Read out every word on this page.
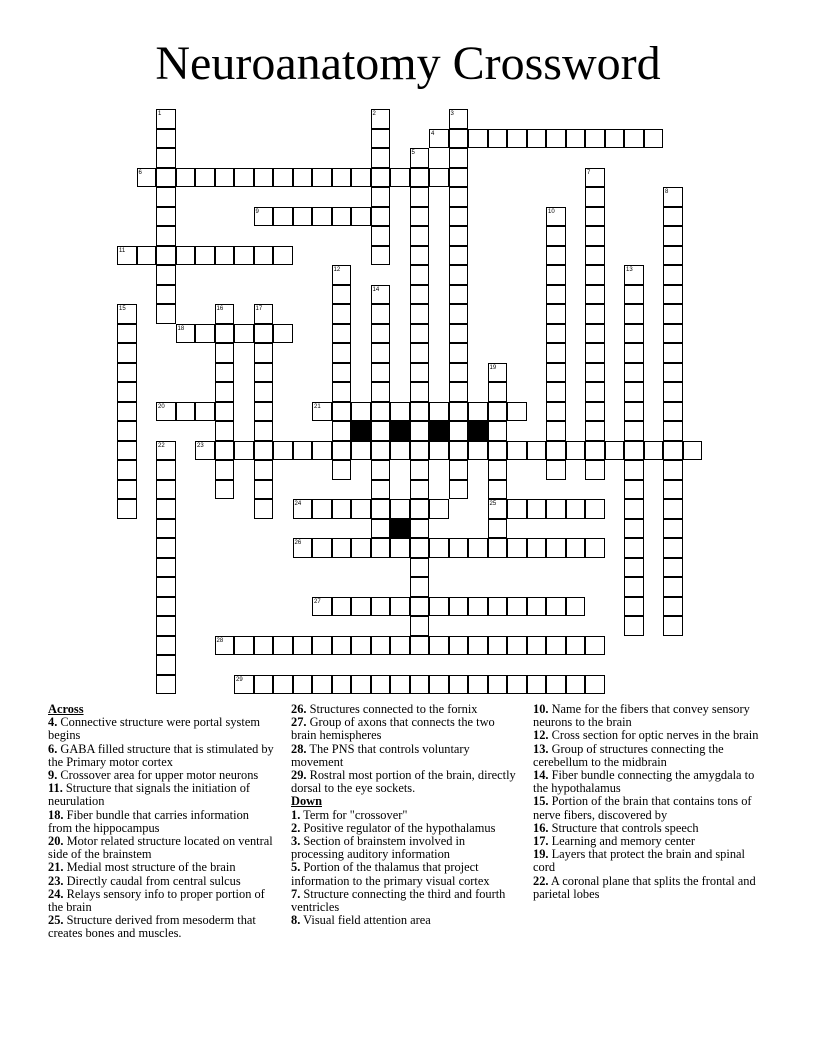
Neuroanatomy Crossword
1	2	3
4
5
6	7
8
9	10
11
12	13
14
15	16	17
18
19
25
20	21
22	23
24
26
27
28
29
Across
4. Connective structure were portal system begins
6. GABA filled structure that is stimulated by the Primary motor cortex
9. Crossover area for upper motor neurons
11. Structure that signals the initiation of neurulation
18. Fiber bundle that carries information from the hippocampus
20. Motor related structure located on ventral side of the brainstem
21. Medial most structure of the brain
23. Directly caudal from central sulcus
24. Relays sensory info to proper portion of the brain
25. Structure derived from mesoderm that creates bones and muscles.
26. Structures connected to the fornix
27. Group of axons that connects the two brain hemispheres
28. The PNS that controls voluntary movement
29. Rostral most portion of the brain, directly dorsal to the eye sockets.
Down
1. Term for "crossover"
2. Positive regulator of the hypothalamus
3. Section of brainstem involved in processing auditory information
5. Portion of the thalamus that project information to the primary visual cortex
7. Structure connecting the third and fourth ventricles
8. Visual field attention area
10. Name for the fibers that convey sensory neurons to the brain
12. Cross section for optic nerves in the brain
13. Group of structures connecting the cerebellum to the midbrain
14. Fiber bundle connecting the amygdala to the hypothalamus
15. Portion of the brain that contains tons of nerve fibers, discovered by
16. Structure that controls speech
17. Learning and memory center
19. Layers that protect the brain and spinal cord
22. A coronal plane that splits the frontal and parietal lobes
